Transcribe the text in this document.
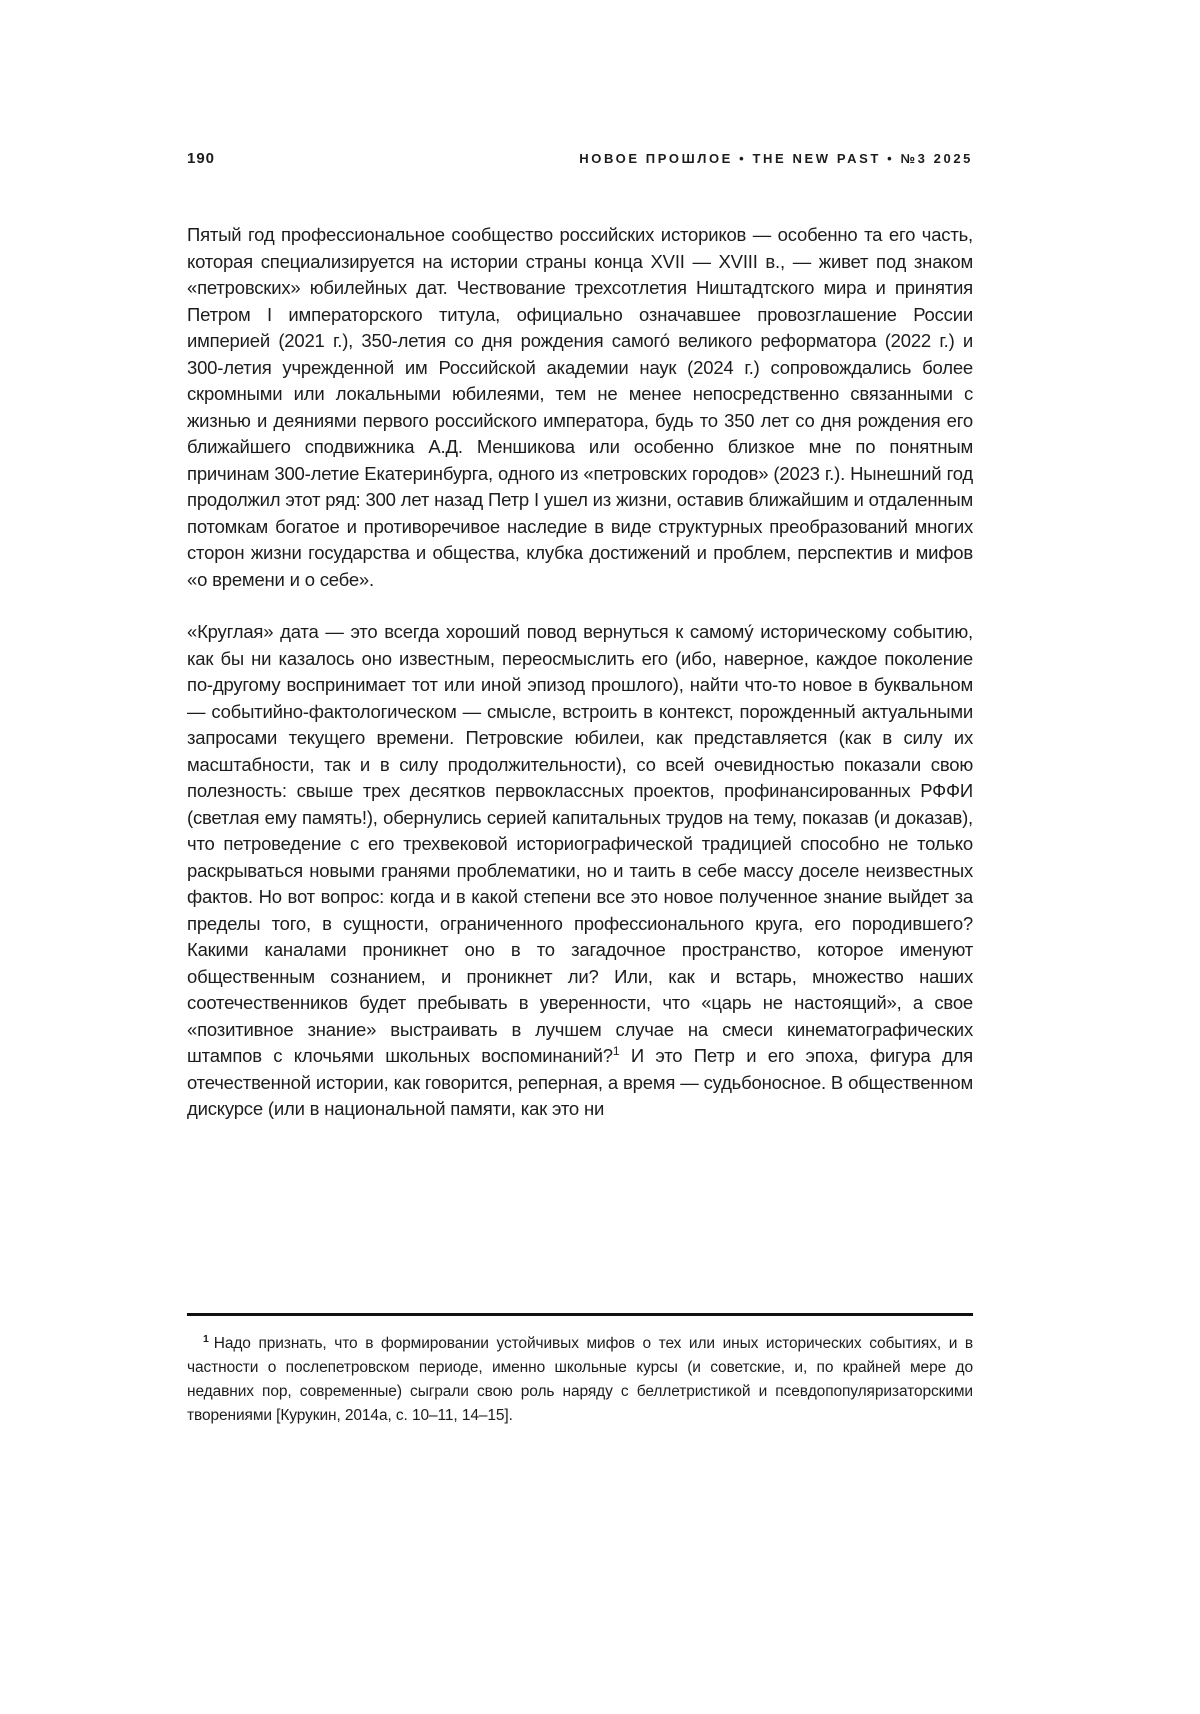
190	НОВОЕ ПРОШЛОЕ • THE NEW PAST • №3 2025

Пятый год профессиональное сообщество российских историков — особенно та его часть, которая специализируется на истории страны конца XVII — XVIII в., — живет под знаком «петровских» юбилейных дат. Чествование трехсотлетия Ништадтского мира и принятия Петром I императорского титула, официально означавшее провозглашение России империей (2021 г.), 350-летия со дня рождения самого́ великого реформатора (2022 г.) и 300-летия учрежденной им Российской академии наук (2024 г.) сопровождались более скромными или локальными юбилеями, тем не менее непосредственно связанными с жизнью и деяниями первого российского императора, будь то 350 лет со дня рождения его ближайшего сподвижника А.Д. Меншикова или особенно близкое мне по понятным причинам 300-летие Екатеринбурга, одного из «петровских городов» (2023 г.). Нынешний год продолжил этот ряд: 300 лет назад Петр I ушел из жизни, оставив ближайшим и отдаленным потомкам богатое и противоречивое наследие в виде структурных преобразований многих сторон жизни государства и общества, клубка достижений и проблем, перспектив и мифов «о времени и о себе».

«Круглая» дата — это всегда хороший повод вернуться к самому́ историческому событию, как бы ни казалось оно известным, переосмыслить его (ибо, наверное, каждое поколение по-другому воспринимает тот или иной эпизод прошлого), найти что-то новое в буквальном — событийно-фактологическом — смысле, встроить в контекст, порожденный актуальными запросами текущего времени. Петровские юбилеи, как представляется (как в силу их масштабности, так и в силу продолжительности), со всей очевидностью показали свою полезность: свыше трех десятков первоклассных проектов, профинансированных РФФИ (светлая ему память!), обернулись серией капитальных трудов на тему, показав (и доказав), что петроведение с его трехвековой историографической традицией способно не только раскрываться новыми гранями проблематики, но и таить в себе массу доселе неизвестных фактов. Но вот вопрос: когда и в какой степени все это новое полученное знание выйдет за пределы того, в сущности, ограниченного профессионального круга, его породившего? Какими каналами проникнет оно в то загадочное пространство, которое именуют общественным сознанием, и проникнет ли? Или, как и встарь, множество наших соотечественников будет пребывать в уверенности, что «царь не настоящий», а свое «позитивное знание» выстраивать в лучшем случае на смеси кинематографических штампов с клочьями школьных воспоминаний?$^1$ И это Петр и его эпоха, фигура для отечественной истории, как говорится, реперная, а время — судьбоносное. В общественном дискурсе (или в национальной памяти, как это ни

$^1$ Надо признать, что в формировании устойчивых мифов о тех или иных исторических событиях, и в частности о послепетровском периоде, именно школьные курсы (и советские, и, по крайней мере до недавних пор, современные) сыграли свою роль наряду с беллетристикой и псевдопопуляризаторскими творениями [Курукин, 2014а, с. 10–11, 14–15].
